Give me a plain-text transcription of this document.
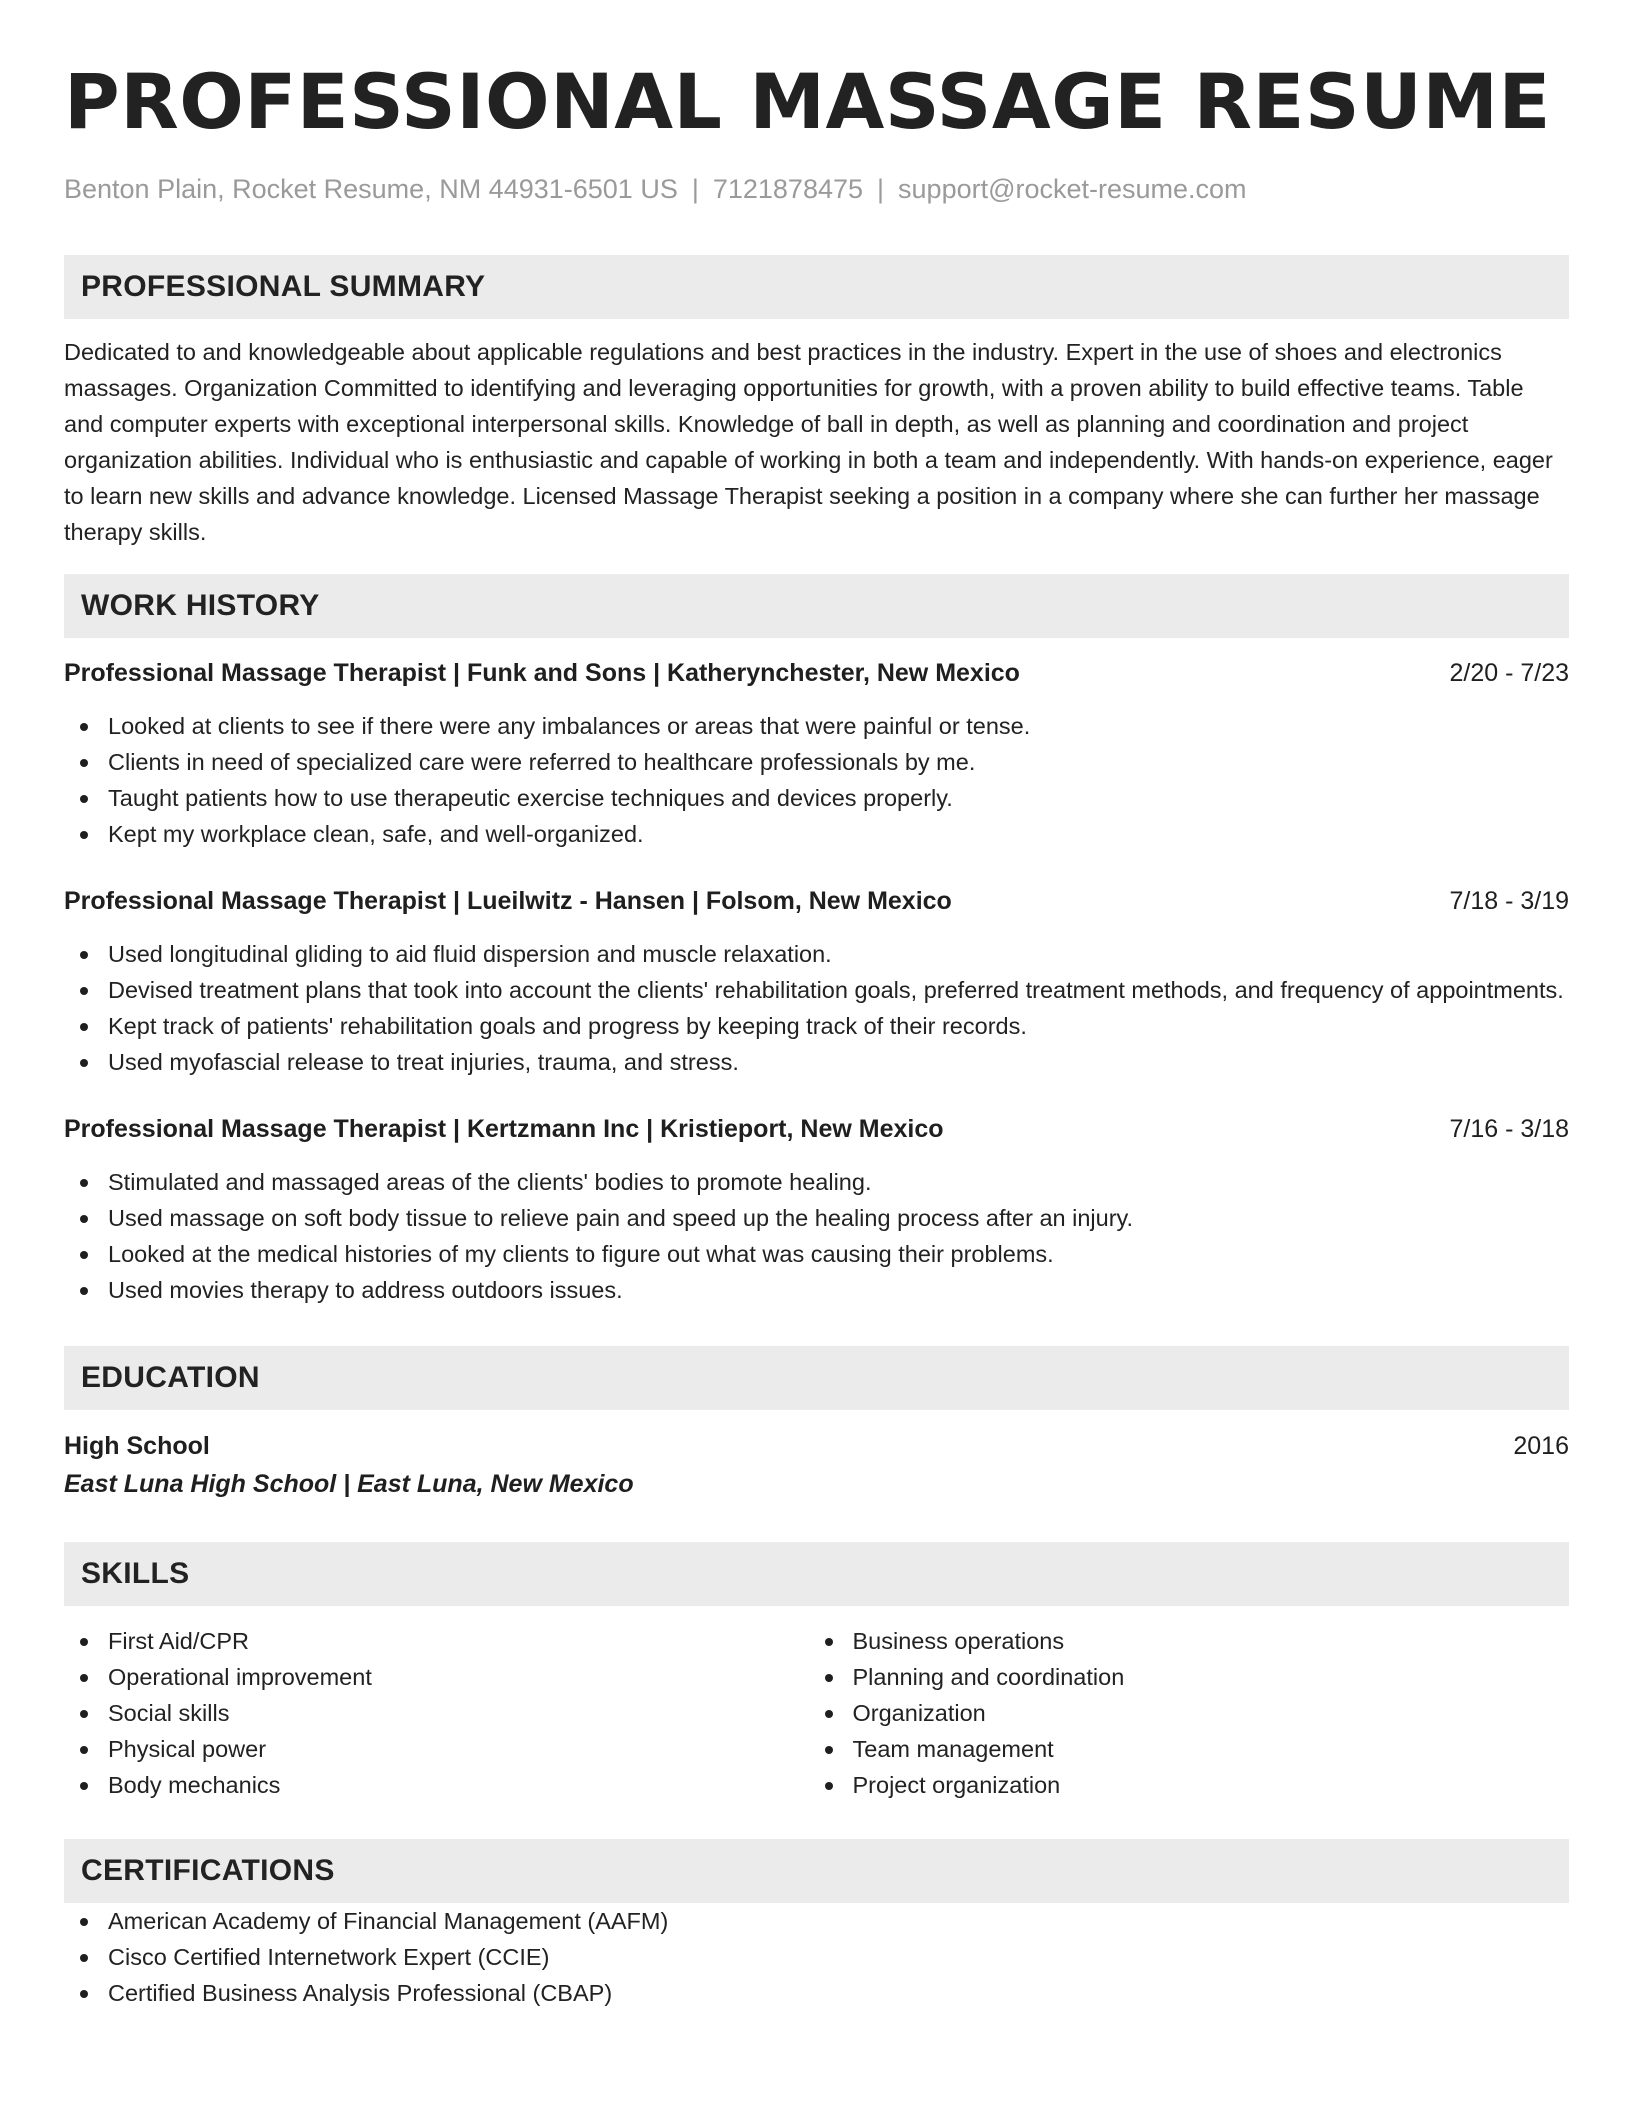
PROFESSIONAL MASSAGE RESUME
Benton Plain, Rocket Resume, NM 44931-6501 US | 7121878475 | support@rocket-resume.com
PROFESSIONAL SUMMARY

Dedicated to and knowledgeable about applicable regulations and best practices in the industry. Expert in the use of shoes and electronics massages. Organization Committed to identifying and leveraging opportunities for growth, with a proven ability to build effective teams. Table and computer experts with exceptional interpersonal skills. Knowledge of ball in depth, as well as planning and coordination and project organization abilities. Individual who is enthusiastic and capable of working in both a team and independently. With hands-on experience, eager to learn new skills and advance knowledge. Licensed Massage Therapist seeking a position in a company where she can further her massage therapy skills.

WORK HISTORY
Professional Massage Therapist | Funk and Sons | Katherynchester, New Mexico	2/20 - 7/23
Looked at clients to see if there were any imbalances or areas that were painful or tense.
Clients in need of specialized care were referred to healthcare professionals by me.
Taught patients how to use therapeutic exercise techniques and devices properly.
Kept my workplace clean, safe, and well-organized.
Professional Massage Therapist | Lueilwitz - Hansen | Folsom, New Mexico	7/18 - 3/19
Used longitudinal gliding to aid fluid dispersion and muscle relaxation.
Devised treatment plans that took into account the clients' rehabilitation goals, preferred treatment methods, and frequency of appointments.
Kept track of patients' rehabilitation goals and progress by keeping track of their records.
Used myofascial release to treat injuries, trauma, and stress.
Professional Massage Therapist | Kertzmann Inc | Kristieport, New Mexico	7/16 - 3/18
Stimulated and massaged areas of the clients' bodies to promote healing.
Used massage on soft body tissue to relieve pain and speed up the healing process after an injury.
Looked at the medical histories of my clients to figure out what was causing their problems.
Used movies therapy to address outdoors issues.
EDUCATION
High School	2016
East Luna High School | East Luna, New Mexico
SKILLS
First Aid/CPR
Operational improvement
Social skills
Physical power
Body mechanics
Business operations
Planning and coordination
Organization
Team management
Project organization
CERTIFICATIONS
American Academy of Financial Management (AAFM)
Cisco Certified Internetwork Expert (CCIE)
Certified Business Analysis Professional (CBAP)
